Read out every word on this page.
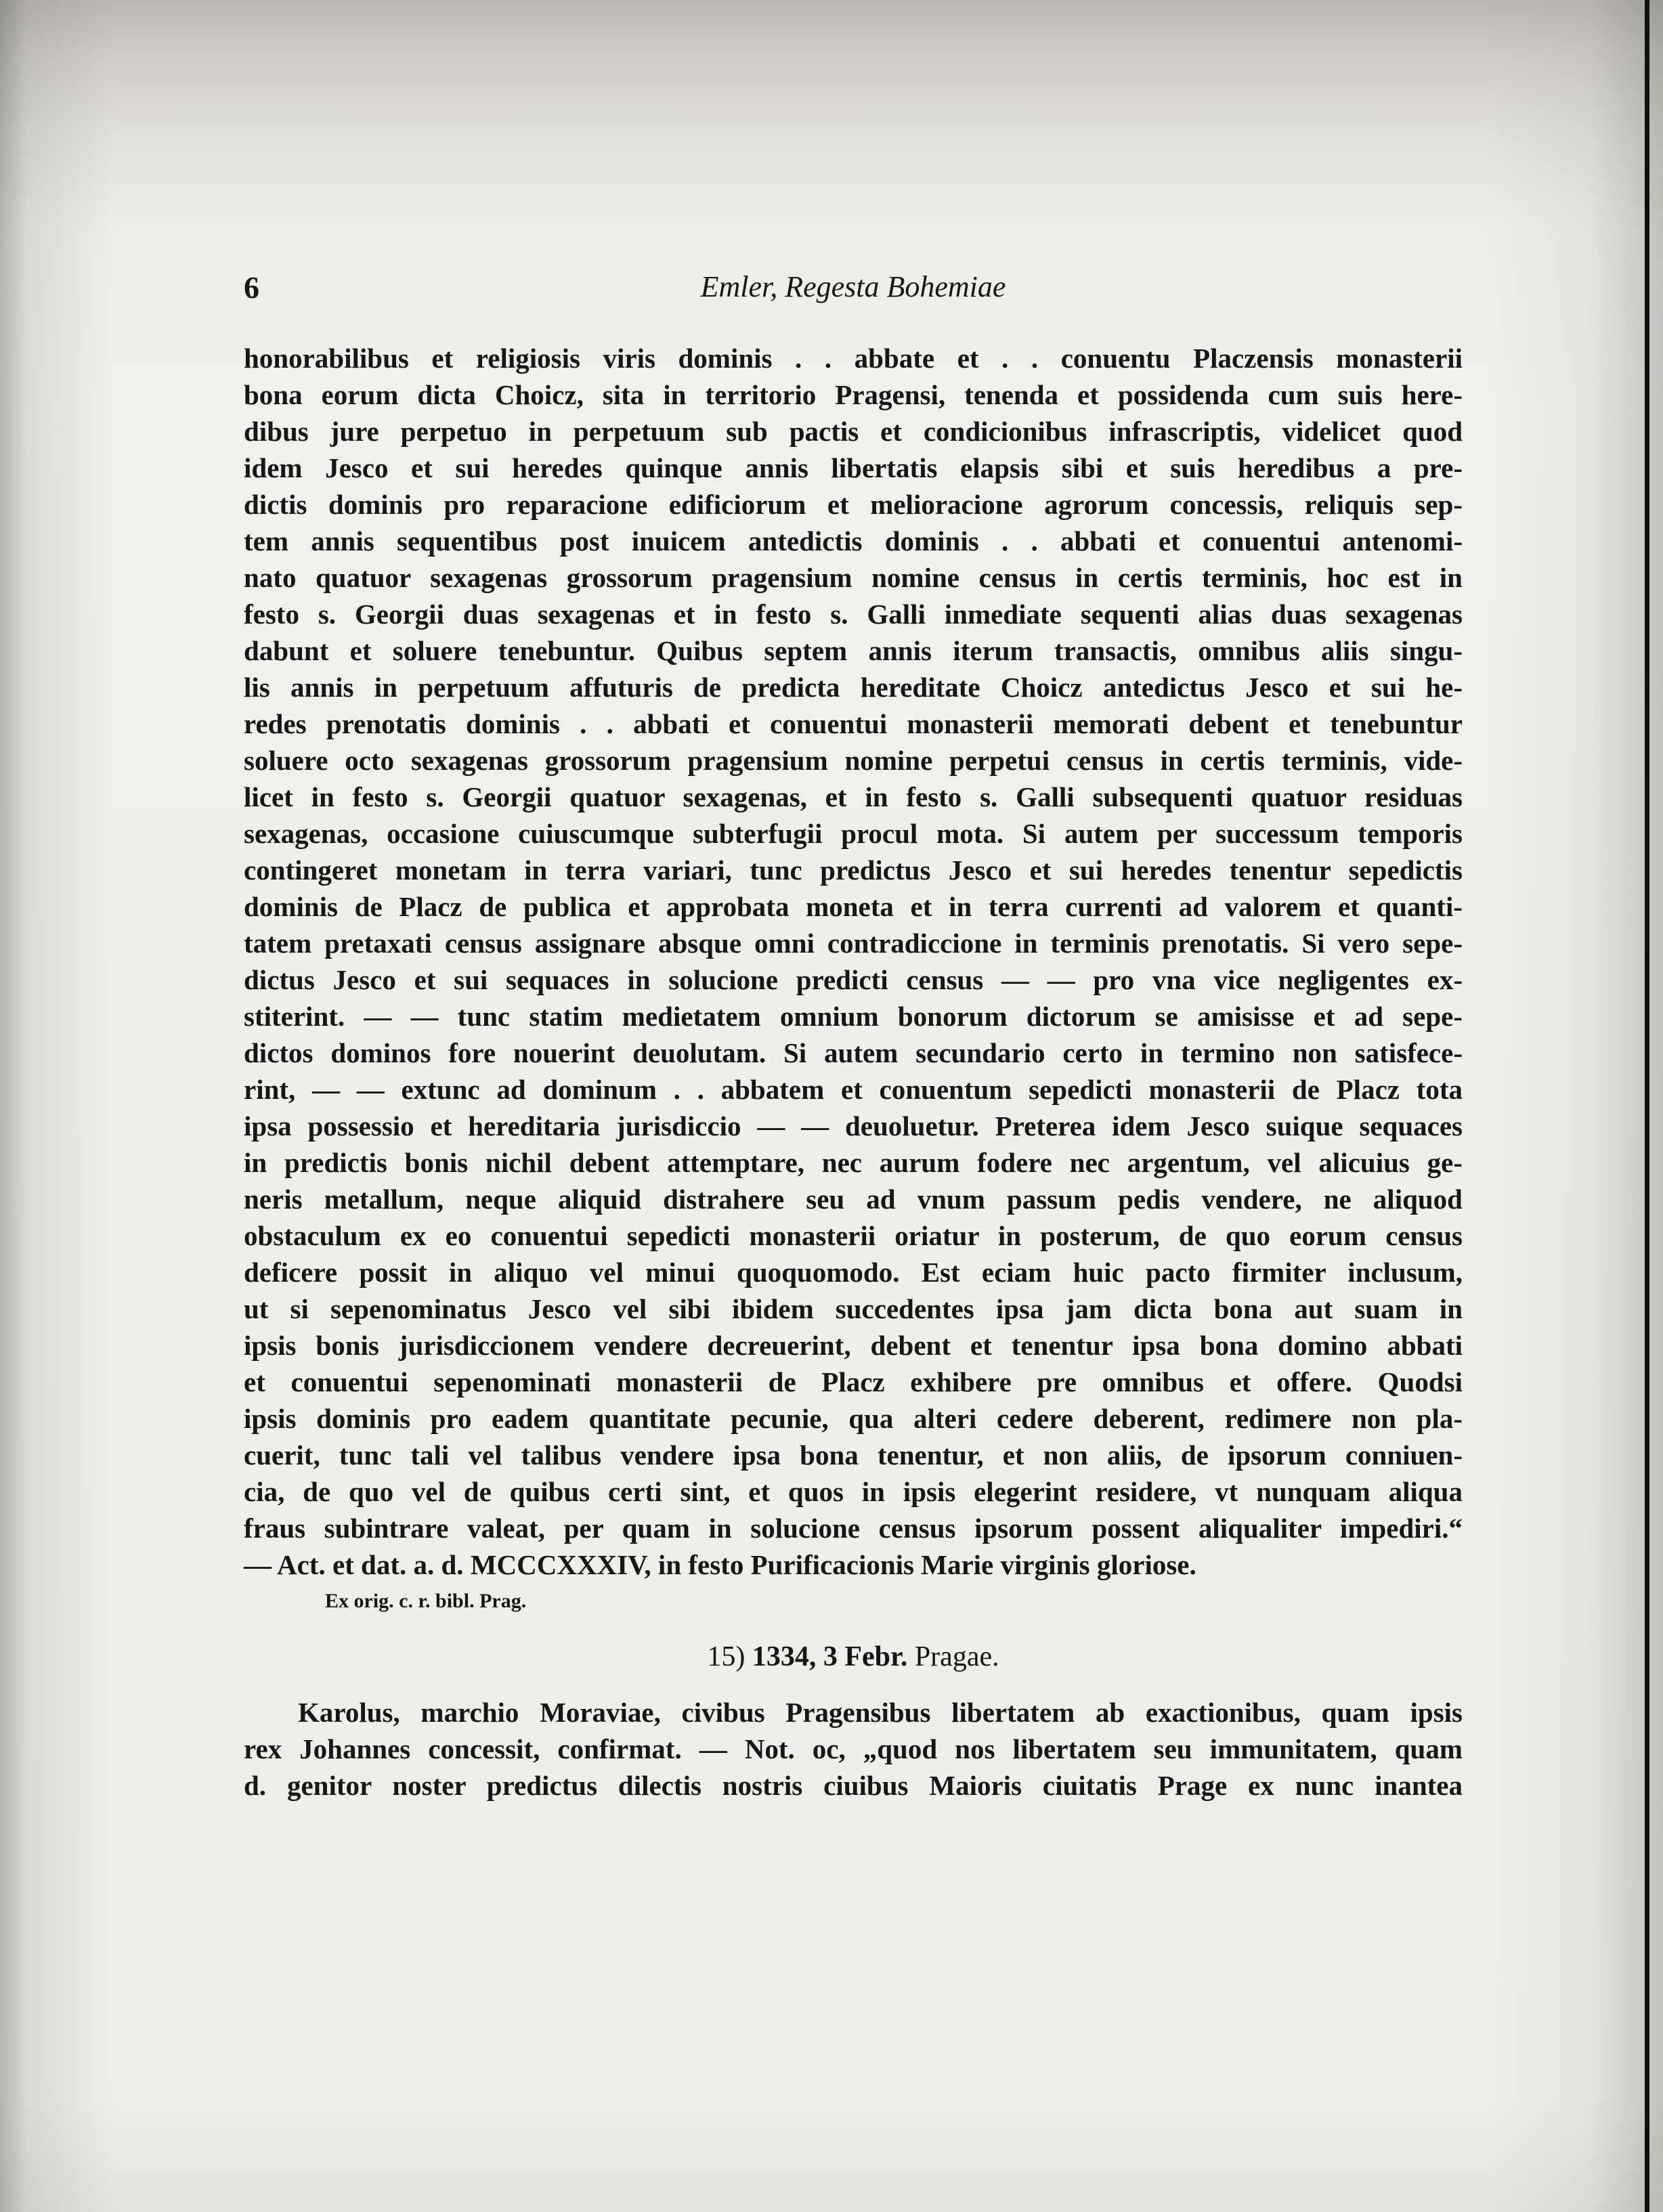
6	Emler, Regesta Bohemiae
honorabilibus et religiosis viris dominis . . abbate et . . conuentu Placzensis monasterii
bona eorum dicta Choicz, sita in territorio Pragensi, tenenda et possidenda cum suis here-
dibus jure perpetuo in perpetuum sub pactis et condicionibus infrascriptis, videlicet quod
idem Jesco et sui heredes quinque annis libertatis elapsis sibi et suis heredibus a pre-
dictis dominis pro reparacione edificiorum et melioracione agrorum concessis, reliquis sep-
tem annis sequentibus post inuicem antedictis dominis . . abbati et conuentui antenomi-
nato quatuor sexagenas grossorum pragensium nomine census in certis terminis, hoc est in
festo s. Georgii duas sexagenas et in festo s. Galli inmediate sequenti alias duas sexagenas
dabunt et soluere tenebuntur. Quibus septem annis iterum transactis, omnibus aliis singu-
lis annis in perpetuum affuturis de predicta hereditate Choicz antedictus Jesco et sui he-
redes prenotatis dominis . . abbati et conuentui monasterii memorati debent et tenebuntur
soluere octo sexagenas grossorum pragensium nomine perpetui census in certis terminis, vide-
licet in festo s. Georgii quatuor sexagenas, et in festo s. Galli subsequenti quatuor residuas
sexagenas, occasione cuiuscumque subterfugii procul mota. Si autem per successum temporis
contingeret monetam in terra variari, tunc predictus Jesco et sui heredes tenentur sepedictis
dominis de Placz de publica et approbata moneta et in terra currenti ad valorem et quanti-
tatem pretaxati census assignare absque omni contradiccione in terminis prenotatis. Si vero sepe-
dictus Jesco et sui sequaces in solucione predicti census — — pro vna vice negligentes ex-
stiterint. — — tunc statim medietatem omnium bonorum dictorum se amisisse et ad sepe-
dictos dominos fore nouerint deuolutam. Si autem secundario certo in termino non satisfece-
rint, — — extunc ad dominum . . abbatem et conuentum sepedicti monasterii de Placz tota
ipsa possessio et hereditaria jurisdiccio — — deuoluetur. Preterea idem Jesco suique sequaces
in predictis bonis nichil debent attemptare, nec aurum fodere nec argentum, vel alicuius ge-
neris metallum, neque aliquid distrahere seu ad vnum passum pedis vendere, ne aliquod
obstaculum ex eo conuentui sepedicti monasterii oriatur in posterum, de quo eorum census
deficere possit in aliquo vel minui quoquomodo. Est eciam huic pacto firmiter inclusum,
ut si sepenominatus Jesco vel sibi ibidem succedentes ipsa jam dicta bona aut suam in
ipsis bonis jurisdiccionem vendere decreuerint, debent et tenentur ipsa bona domino abbati
et conuentui sepenominati monasterii de Placz exhibere pre omnibus et offere. Quodsi
ipsis dominis pro eadem quantitate pecunie, qua alteri cedere deberent, redimere non pla-
cuerit, tunc tali vel talibus vendere ipsa bona tenentur, et non aliis, de ipsorum conniuen-
cia, de quo vel de quibus certi sint, et quos in ipsis elegerint residere, vt nunquam aliqua
fraus subintrare valeat, per quam in solucione census ipsorum possent aliqualiter impediri.“
— Act. et dat. a. d. MCCCXXXIV, in festo Purificacionis Marie virginis gloriose.
Ex orig. c. r. bibl. Prag.
15) 1334, 3 Febr. Pragae.
Karolus, marchio Moraviae, civibus Pragensibus libertatem ab exactionibus, quam ipsis
rex Johannes concessit, confirmat. — Not. oc, „quod nos libertatem seu immunitatem, quam
d. genitor noster predictus dilectis nostris ciuibus Maioris ciuitatis Prage ex nunc inantea
